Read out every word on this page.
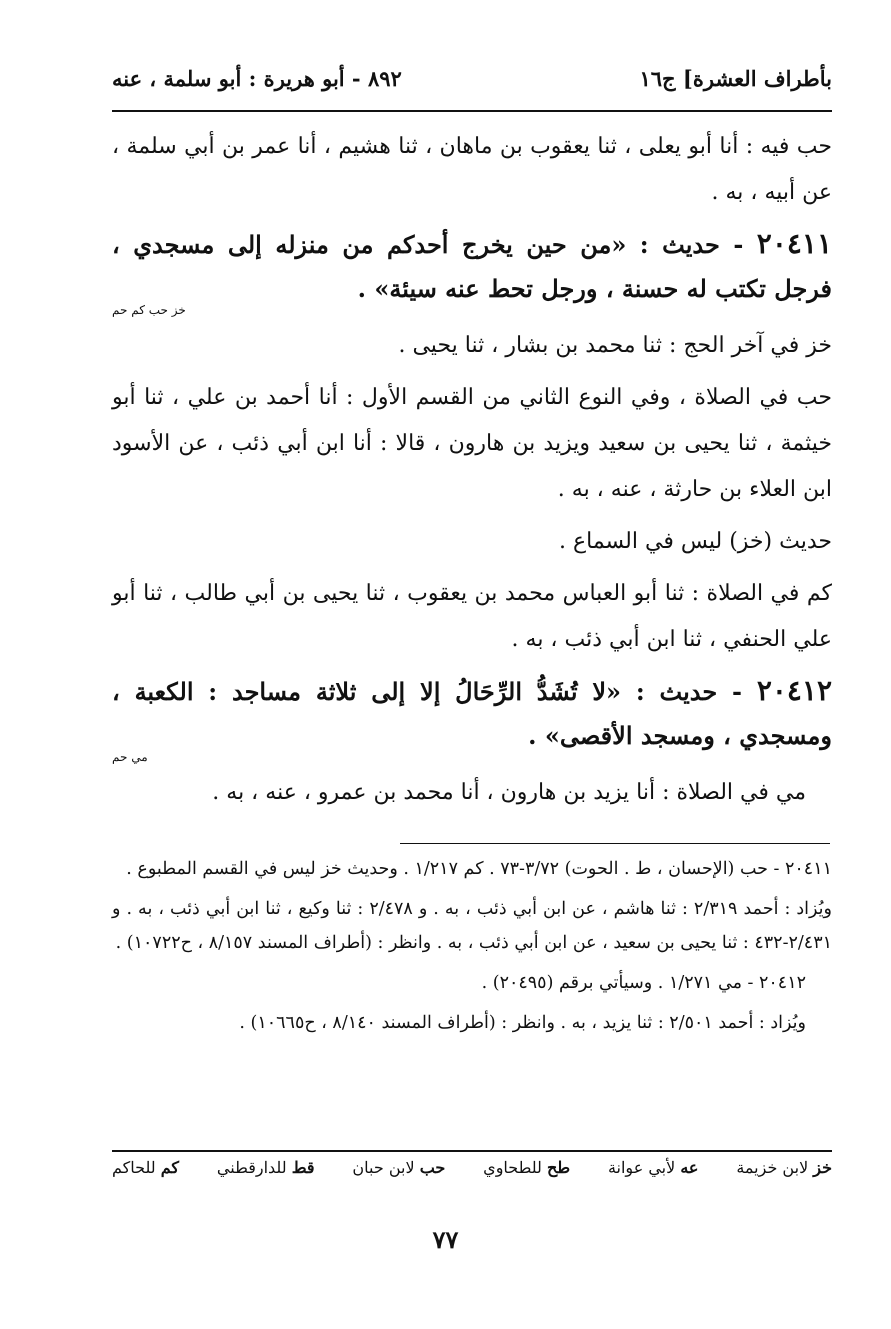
بأطراف العشرة] ج١٦
٨٩٢ - أبو هريرة : أبو سلمة ، عنه

حب فيه : أنا أبو يعلى ، ثنا يعقوب بن ماهان ، ثنا هشيم ، أنا عمر بن أبي سلمة ، عن أبيه ، به .

٢٠٤١١ - حديث : «من حين يخرج أحدكم من منزله إلى مسجدي ، فرجل تكتب له حسنة ، ورجل تحط عنه سيئة» .
خز حب كم حم

خز في آخر الحج : ثنا محمد بن بشار ، ثنا يحيى .

حب في الصلاة ، وفي النوع الثاني من القسم الأول : أنا أحمد بن علي ، ثنا أبو خيثمة ، ثنا يحيى بن سعيد ويزيد بن هارون ، قالا : أنا ابن أبي ذئب ، عن الأسود ابن العلاء بن حارثة ، عنه ، به .

حديث (خز) ليس في السماع .

كم في الصلاة : ثنا أبو العباس محمد بن يعقوب ، ثنا يحيى بن أبي طالب ، ثنا أبو علي الحنفي ، ثنا ابن أبي ذئب ، به .

٢٠٤١٢ - حديث : «لا تُشَدُّ الرِّحَالُ إلا إلى ثلاثة مساجد : الكعبة ، ومسجدي ، ومسجد الأقصى» .
مي حم

مي في الصلاة : أنا يزيد بن هارون ، أنا محمد بن عمرو ، عنه ، به .

٢٠٤١١ - حب (الإحسان ، ط . الحوت) ٣/٧٢-٧٣ . كم ١/٢١٧ . وحديث خز ليس في القسم المطبوع .

ويُزاد : أحمد ٢/٣١٩ : ثنا هاشم ، عن ابن أبي ذئب ، به . و ٢/٤٧٨ : ثنا وكيع ، ثنا ابن أبي ذئب ، به . و ٢/٤٣١-٤٣٢ : ثنا يحيى بن سعيد ، عن ابن أبي ذئب ، به . وانظر : (أطراف المسند ٨/١٥٧ ، ح١٠٧٢٢) .

٢٠٤١٢ - مي ١/٢٧١ . وسيأتي برقم (٢٠٤٩٥) .

ويُزاد : أحمد ٢/٥٠١ : ثنا يزيد ، به . وانظر : (أطراف المسند ٨/١٤٠ ، ح١٠٦٦٥) .

خز لابن خزيمة
عه لأبي عوانة
طح للطحاوي
حب لابن حبان
قط للدارقطني
كم للحاكم
٧٧
